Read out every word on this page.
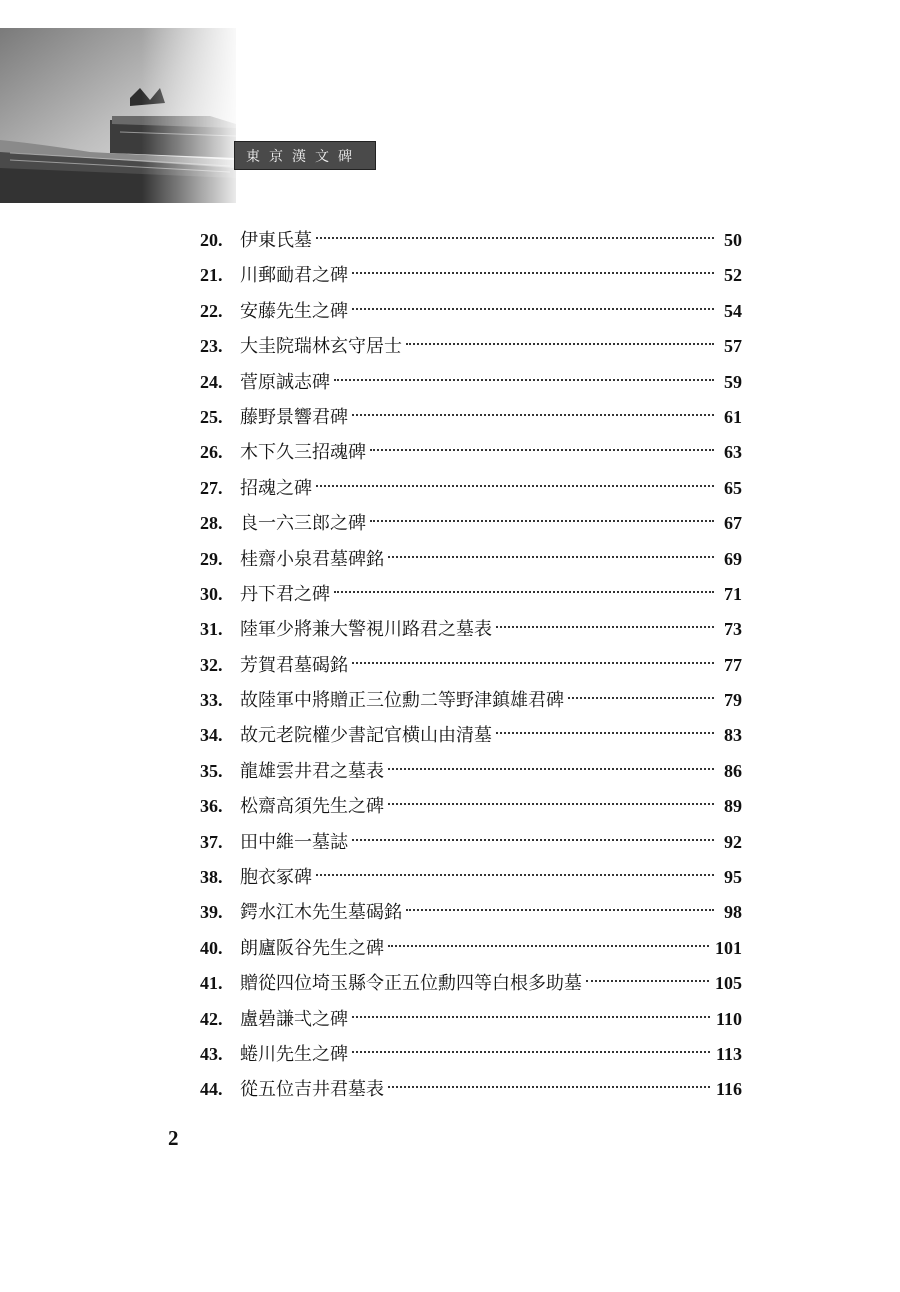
東京漢文碑
20. 伊東氏墓	50
21. 川郵勔君之碑	52
22. 安藤先生之碑	54
23. 大圭院瑞林玄守居士	57
24. 菅原誠志碑	59
25. 藤野景響君碑	61
26. 木下久三招魂碑	63
27. 招魂之碑	65
28. 良一六三郎之碑	67
29. 桂齋小泉君墓碑銘	69
30. 丹下君之碑	71
31. 陸軍少將兼大警視川路君之墓表	73
32. 芳賀君墓碣銘	77
33. 故陸軍中將贈正三位勳二等野津鎮雄君碑	79
34. 故元老院權少書記官横山由清墓	83
35. 龍雄雲井君之墓表	86
36. 松齋高須先生之碑	89
37. 田中維一墓誌	92
38. 胞衣冢碑	95
39. 鍔水江木先生墓碣銘	98
40. 朗廬阪谷先生之碑	101
41. 贈從四位埼玉縣令正五位勳四等白根多助墓	105
42. 盧碞謙弌之碑	110
43. 蜷川先生之碑	113
44. 從五位吉井君墓表	116
2
